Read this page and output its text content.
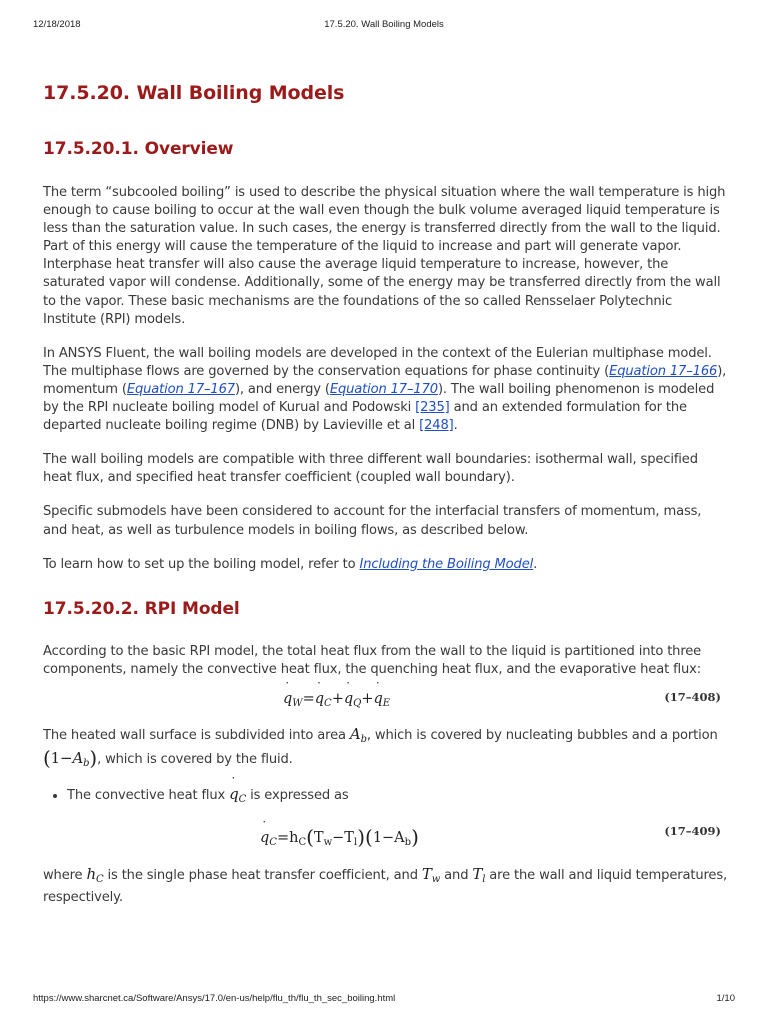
12/18/2018	17.5.20. Wall Boiling Models
17.5.20. Wall Boiling Models
17.5.20.1. Overview

The term “subcooled boiling” is used to describe the physical situation where the wall temperature is high enough to cause boiling to occur at the wall even though the bulk volume averaged liquid temperature is less than the saturation value. In such cases, the energy is transferred directly from the wall to the liquid. Part of this energy will cause the temperature of the liquid to increase and part will generate vapor. Interphase heat transfer will also cause the average liquid temperature to increase, however, the saturated vapor will condense. Additionally, some of the energy may be transferred directly from the wall to the vapor. These basic mechanisms are the foundations of the so called Rensselaer Polytechnic Institute (RPI) models.

In ANSYS Fluent, the wall boiling models are developed in the context of the Eulerian multiphase model. The multiphase flows are governed by the conservation equations for phase continuity (Equation 17–166), momentum (Equation 17–167), and energy (Equation 17–170). The wall boiling phenomenon is modeled by the RPI nucleate boiling model of Kurual and Podowski [235] and an extended formulation for the departed nucleate boiling regime (DNB) by Lavieville et al [248].

The wall boiling models are compatible with three different wall boundaries: isothermal wall, specified heat flux, and specified heat transfer coefficient (coupled wall boundary).

Specific submodels have been considered to account for the interfacial transfers of momentum, mass, and heat, as well as turbulence models in boiling flows, as described below.

To learn how to set up the boiling model, refer to Including the Boiling Model.

17.5.20.2. RPI Model

According to the basic RPI model, the total heat flux from the wall to the liquid is partitioned into three components, namely the convective heat flux, the quenching heat flux, and the evaporative heat flux:

˙ $q_W=˙$ $q_C+˙$ $q_Q+˙$ $q_E$	(17–408)

The heated wall surface is subdivided into area $A_b$, which is covered by nucleating bubbles and a portion $(1-A_b)$, which is covered by the fluid.

• The convective heat flux ˙ $q_C$ is expressed as
˙ $q_C=h_C(T_w-T_l)(1-A_b)$	(17–409)

where $h_C$ is the single phase heat transfer coefficient, and $T_w$ and $T_l$ are the wall and liquid temperatures, respectively.

https://www.sharcnet.ca/Software/Ansys/17.0/en-us/help/flu_th/flu_th_sec_boiling.html	1/10
